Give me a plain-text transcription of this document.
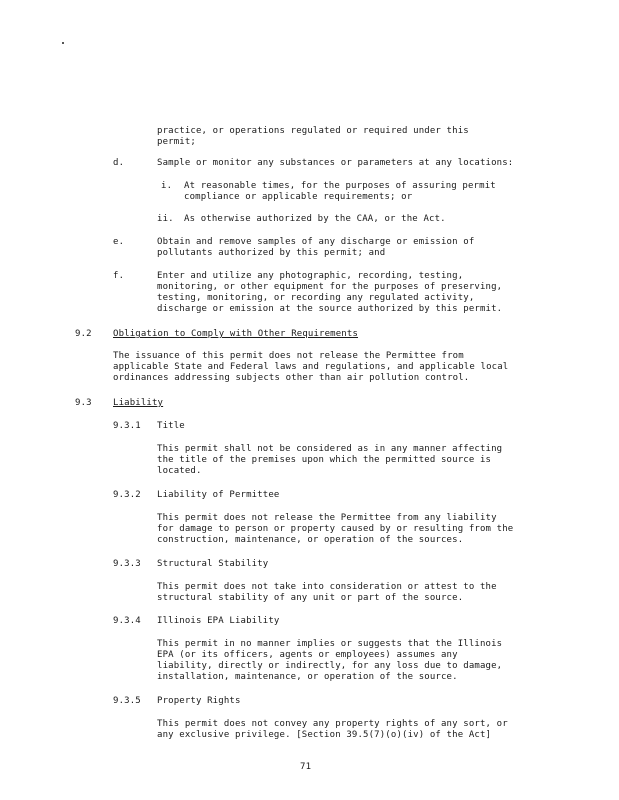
practice, or operations regulated or required under this
permit;
d.	Sample or monitor any substances or parameters at any locations:
i. At reasonable times, for the purposes of assuring permit
compliance or applicable requirements; or
ii. As otherwise authorized by the CAA, or the Act.
e.	Obtain and remove samples of any discharge or emission of
pollutants authorized by this permit; and
f.	Enter and utilize any photographic, recording, testing,
monitoring, or other equipment for the purposes of preserving,
testing, monitoring, or recording any regulated activity,
discharge or emission at the source authorized by this permit.
9.2 Obligation to Comply with Other Requirements
The issuance of this permit does not release the Permittee from
applicable State and Federal laws and regulations, and applicable local
ordinances addressing subjects other than air pollution control.
9.3 Liability
9.3.1 Title
This permit shall not be considered as in any manner affecting
the title of the premises upon which the permitted source is
located.
9.3.2 Liability of Permittee
This permit does not release the Permittee from any liability
for damage to person or property caused by or resulting from the
construction, maintenance, or operation of the sources.
9.3.3 Structural Stability
This permit does not take into consideration or attest to the
structural stability of any unit or part of the source.
9.3.4 Illinois EPA Liability
This permit in no manner implies or suggests that the Illinois
EPA (or its officers, agents or employees) assumes any
liability, directly or indirectly, for any loss due to damage,
installation, maintenance, or operation of the source.
9.3.5 Property Rights
This permit does not convey any property rights of any sort, or
any exclusive privilege. [Section 39.5(7)(o)(iv) of the Act]
71
